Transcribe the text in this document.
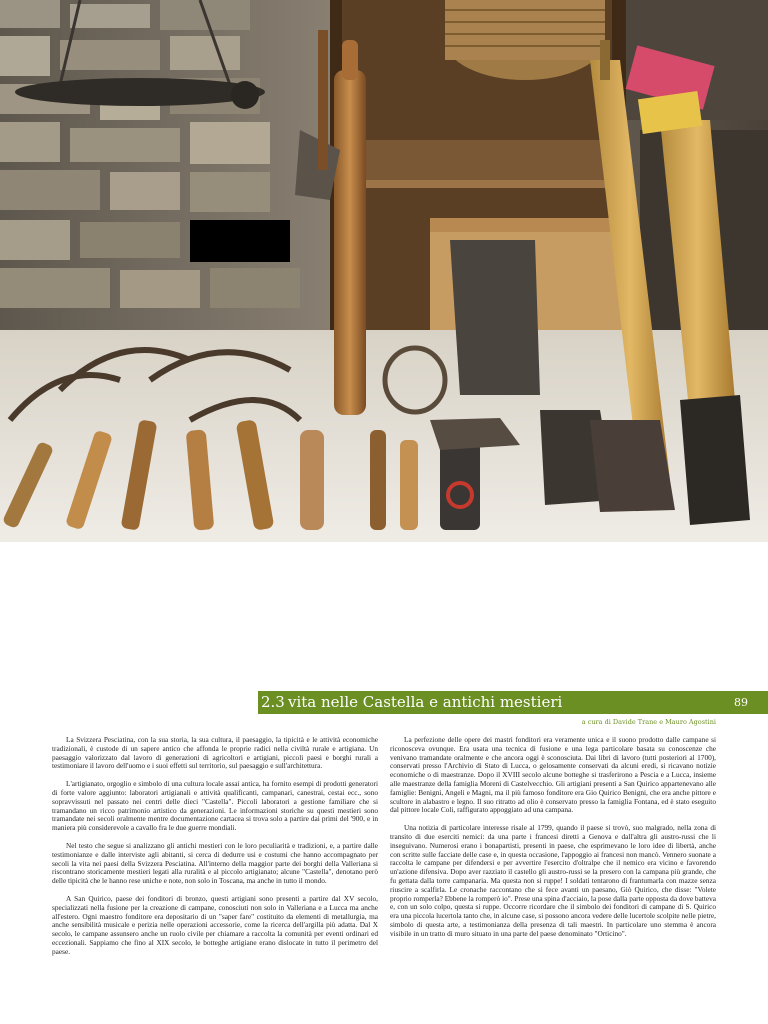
2.3 vita nelle Castella e antichi mestieri	89
a cura di Davide Trane e Mauro Agostini

La Svizzera Pesciatina, con la sua storia, la sua cultura, il paesaggio, la tipicità e le attività economiche tradizionali, è custode di un sapere antico che affonda le proprie radici nella civiltà rurale e artigiana. Un paesaggio valorizzato dal lavoro di generazioni di agricoltori e artigiani, piccoli paesi e borghi rurali a testimoniare il lavoro dell'uomo e i suoi effetti sul territorio, sul paesaggio e sull'architettura.

L'artigianato, orgoglio e simbolo di una cultura locale assai antica, ha fornito esempi di prodotti generatori di forte valore aggiunto: laboratori artigianali e attività qualificanti, campanari, canestrai, cestai ecc., sono sopravvissuti nel passato nei centri delle dieci "Castella". Piccoli laboratori a gestione familiare che si tramandano un ricco patrimonio artistico da generazioni. Le informazioni storiche su questi mestieri sono tramandate nei secoli oralmente mentre documentazione cartacea si trova solo a partire dai primi del '900, e in maniera più considerevole a cavallo fra le due guerre mondiali.

Nel testo che segue si analizzano gli antichi mestieri con le loro peculiarità e tradizioni, e, a partire dalle testimonianze e dalle interviste agli abitanti, si cerca di dedurre usi e costumi che hanno accompagnato per secoli la vita nei paesi della Svizzera Pesciatina. All'interno della maggior parte dei borghi della Valleriana si riscontrano storicamente mestieri legati alla ruralità e al piccolo artigianato; alcune "Castella", denotano però delle tipicità che le hanno rese uniche e note, non solo in Toscana, ma anche in tutto il mondo.

A San Quirico, paese dei fonditori di bronzo, questi artigiani sono presenti a partire dal XV secolo, specializzati nella fusione per la creazione di campane, conosciuti non solo in Valleriana e a Lucca ma anche all'estero. Ogni maestro fonditore era depositario di un "saper fare" costituito da elementi di metallurgia, ma anche sensibilità musicale e perizia nelle operazioni accessorie, come la ricerca dell'argilla più adatta. Dal X secolo, le campane assunsero anche un ruolo civile per chiamare a raccolta la comunità per eventi ordinari ed eccezionali. Sappiamo che fino al XIX secolo, le botteghe artigiane erano dislocate in tutto il perimetro del paese.

La perfezione delle opere dei mastri fonditori era veramente unica e il suono prodotto dalle campane si riconosceva ovunque. Era usata una tecnica di fusione e una lega particolare basata su conoscenze che venivano tramandate oralmente e che ancora oggi è sconosciuta. Dai libri di lavoro (tutti posteriori al 1700), conservati presso l'Archivio di Stato di Lucca, o gelosamente conservati da alcuni eredi, si ricavano notizie economiche o di maestranze. Dopo il XVIII secolo alcune botteghe si trasferirono a Pescia e a Lucca, insieme alle maestranze della famiglia Moreni di Castelvecchio. Gli artigiani presenti a San Quirico appartenevano alle famiglie: Benigni, Angeli e Magni, ma il più famoso fonditore era Gio Quirico Benigni, che era anche pittore e scultore in alabastro e legno. Il suo ritratto ad olio è conservato presso la famiglia Fontana, ed è stato eseguito dal pittore locale Coli, raffigurato appoggiato ad una campana.

Una notizia di particolare interesse risale al 1799, quando il paese si trovò, suo malgrado, nella zona di transito di due eserciti nemici: da una parte i francesi diretti a Genova e dall'altra gli austro-russi che li inseguivano. Numerosi erano i bonapartisti, presenti in paese, che esprimevano le loro idee di libertà, anche con scritte sulle facciate delle case e, in questa occasione, l'appoggio ai francesi non mancò. Vennero suonate a raccolta le campane per difendersi e per avvertire l'esercito d'oltralpe che il nemico era vicino e favorendo un'azione difensiva. Dopo aver razziato il castello gli austro-russi se la presero con la campana più grande, che fu gettata dalla torre campanaria. Ma questa non si ruppe! I soldati tentarono di frantumarla con mazze senza riuscire a scalfirla. Le cronache raccontano che si fece avanti un paesano, Giò Quirico, che disse: "Volete proprio romperla? Ebbene la romperò io". Prese una spina d'acciaio, la pose dalla parte opposta da dove batteva e, con un solo colpo, questa si ruppe. Occorre ricordare che il simbolo dei fonditori di campane di S. Quirico era una piccola lucertola tanto che, in alcune case, si possono ancora vedere delle lucertole scolpite nelle pietre, simbolo di questa arte, a testimonianza della presenza di tali maestri. In particolare uno stemma è ancora visibile in un tratto di muro situato in una parte del paese denominato "Orticino".
